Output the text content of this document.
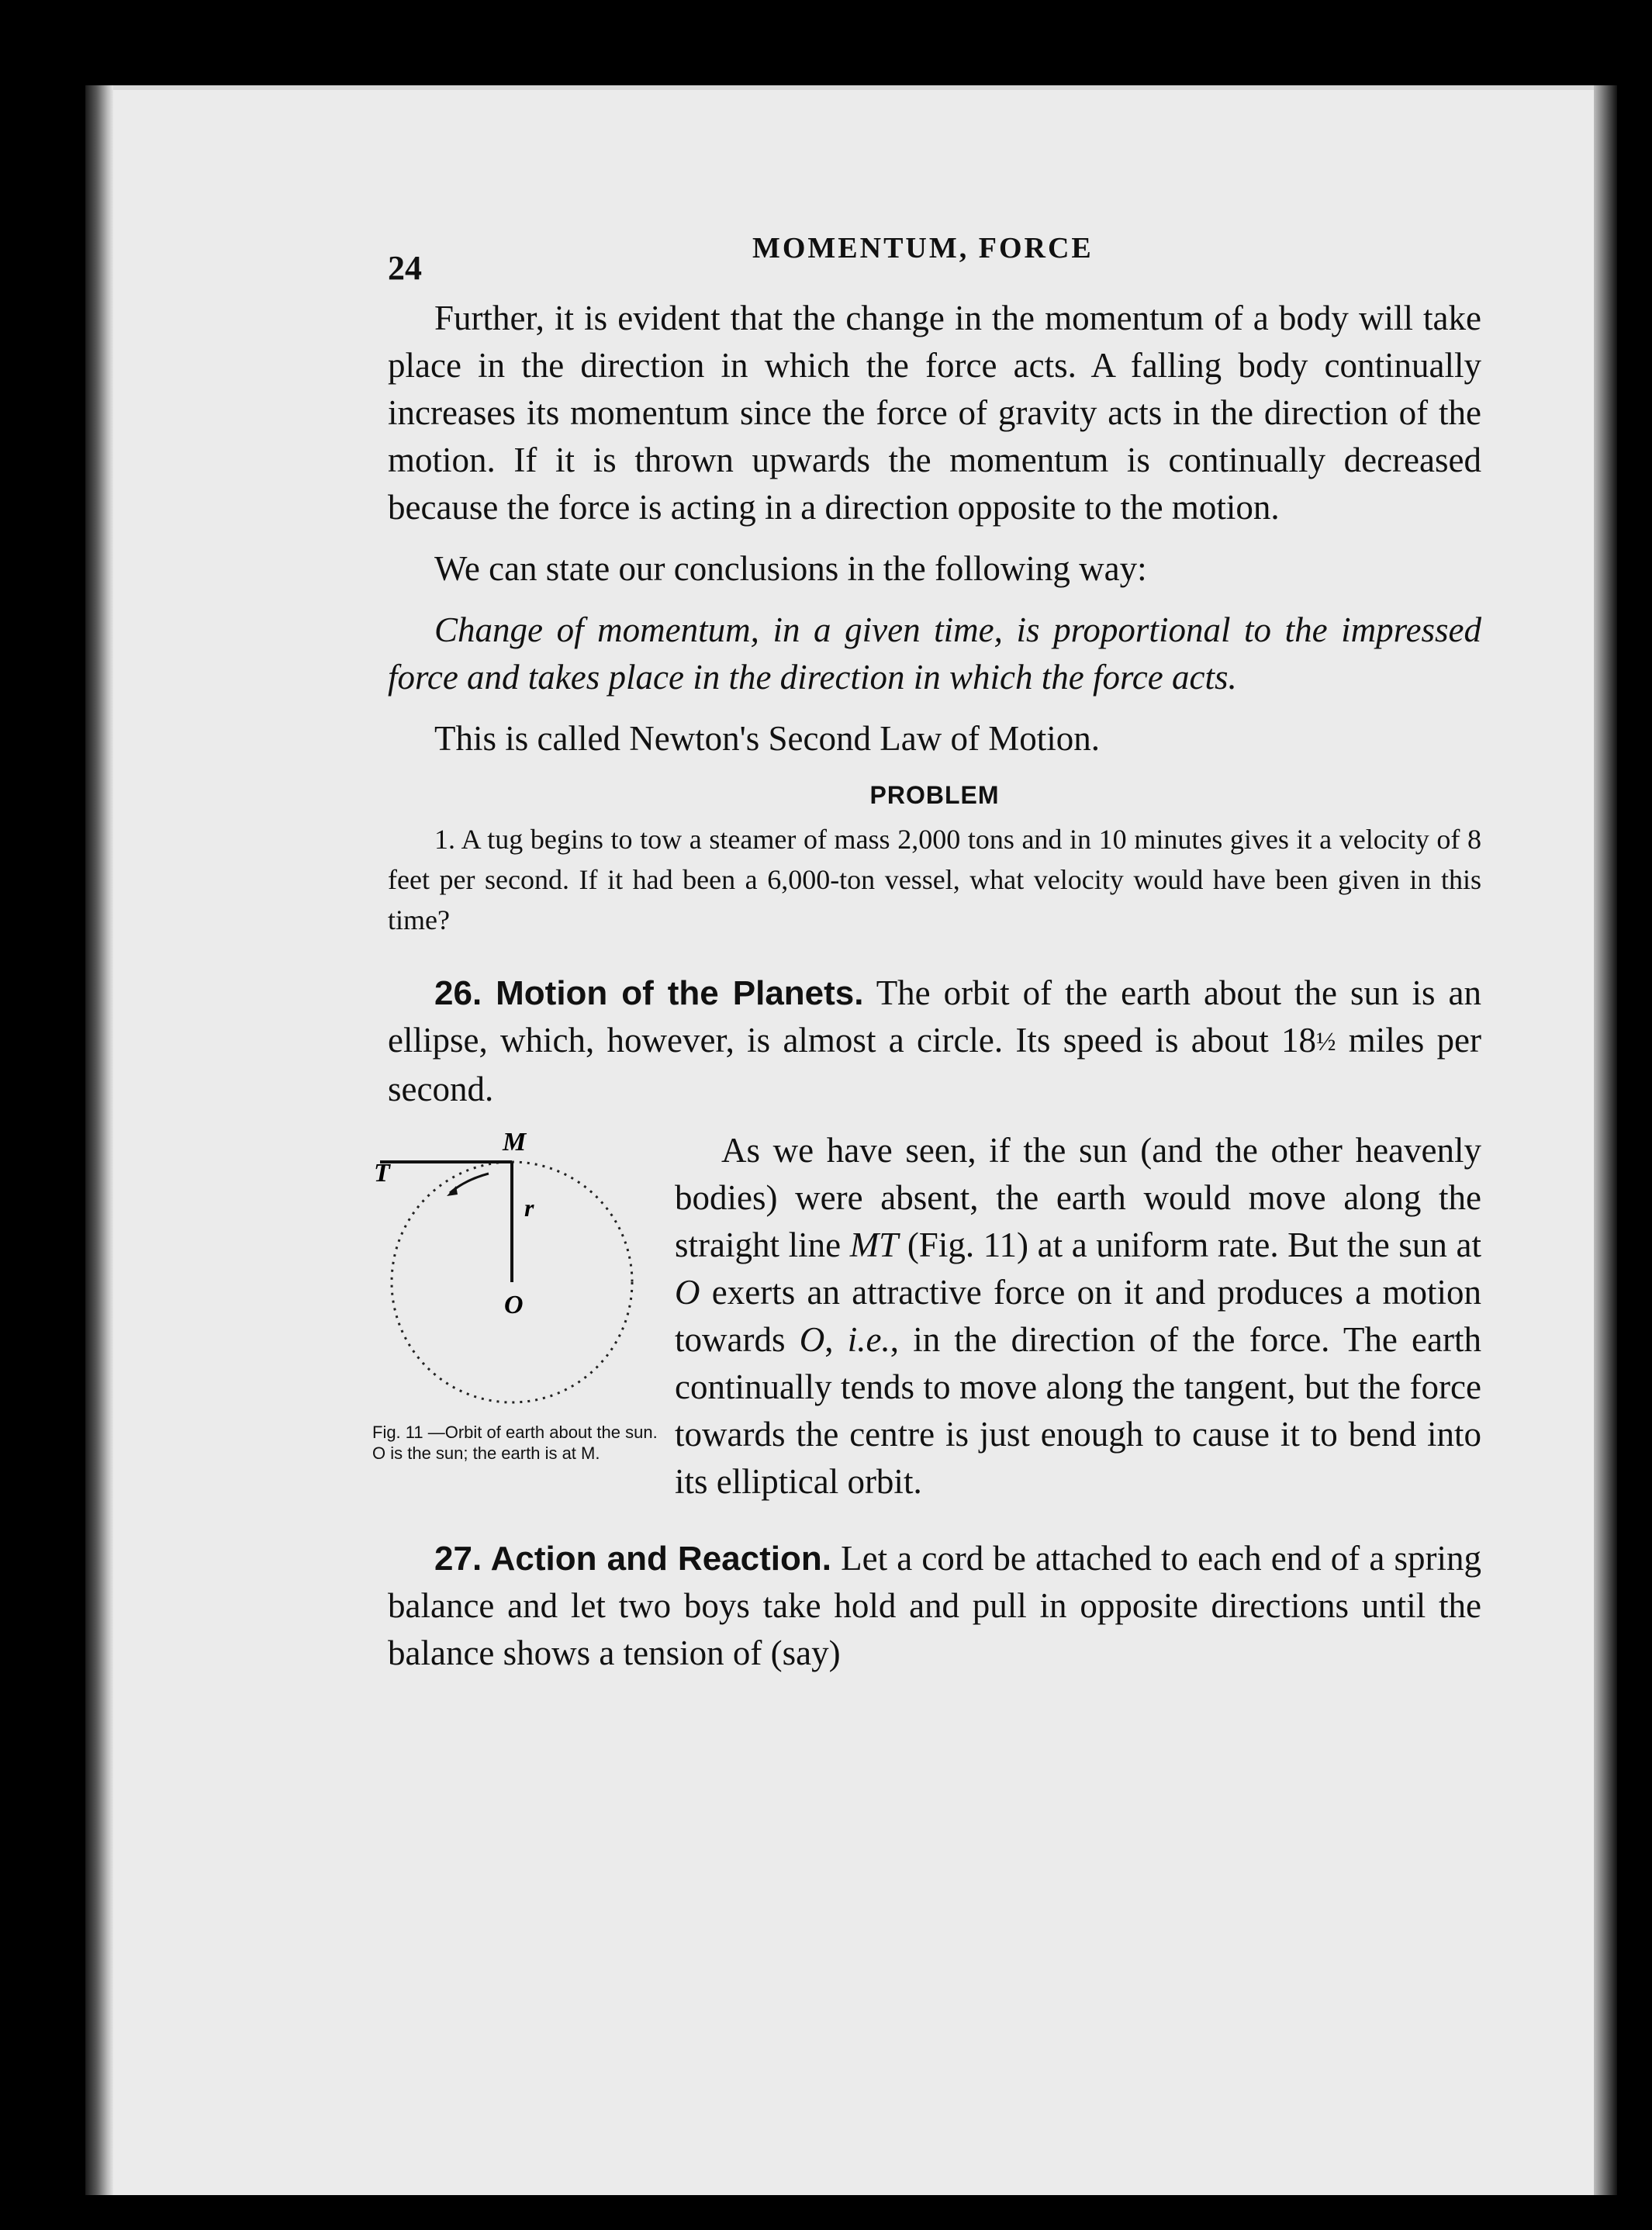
24
MOMENTUM, FORCE

Further, it is evident that the change in the momentum of a body will take place in the direction in which the force acts. A falling body continually increases its momentum since the force of gravity acts in the direction of the motion. If it is thrown upwards the momentum is continually decreased because the force is acting in a direction opposite to the motion.

We can state our conclusions in the following way:

Change of momentum, in a given time, is proportional to the impressed force and takes place in the direction in which the force acts.

This is called Newton's Second Law of Motion.

PROBLEM

1. A tug begins to tow a steamer of mass 2,000 tons and in 10 minutes gives it a velocity of 8 feet per second. If it had been a 6,000-ton vessel, what velocity would have been given in this time?

26. Motion of the Planets. The orbit of the earth about the sun is an ellipse, which, however, is almost a circle. Its speed is about 18½ miles per second.

M
T
r
O
Fig. 11 —Orbit of earth about the sun. O is the sun; the earth is at M.

As we have seen, if the sun (and the other heavenly bodies) were absent, the earth would move along the straight line MT (Fig. 11) at a uniform rate. But the sun at O exerts an attractive force on it and produces a motion towards O, i.e., in the direction of the force. The earth continually tends to move along the tangent, but the force towards the centre is just enough to cause it to bend into its elliptical orbit.

27. Action and Reaction. Let a cord be attached to each end of a spring balance and let two boys take hold and pull in opposite directions until the balance shows a tension of (say)
